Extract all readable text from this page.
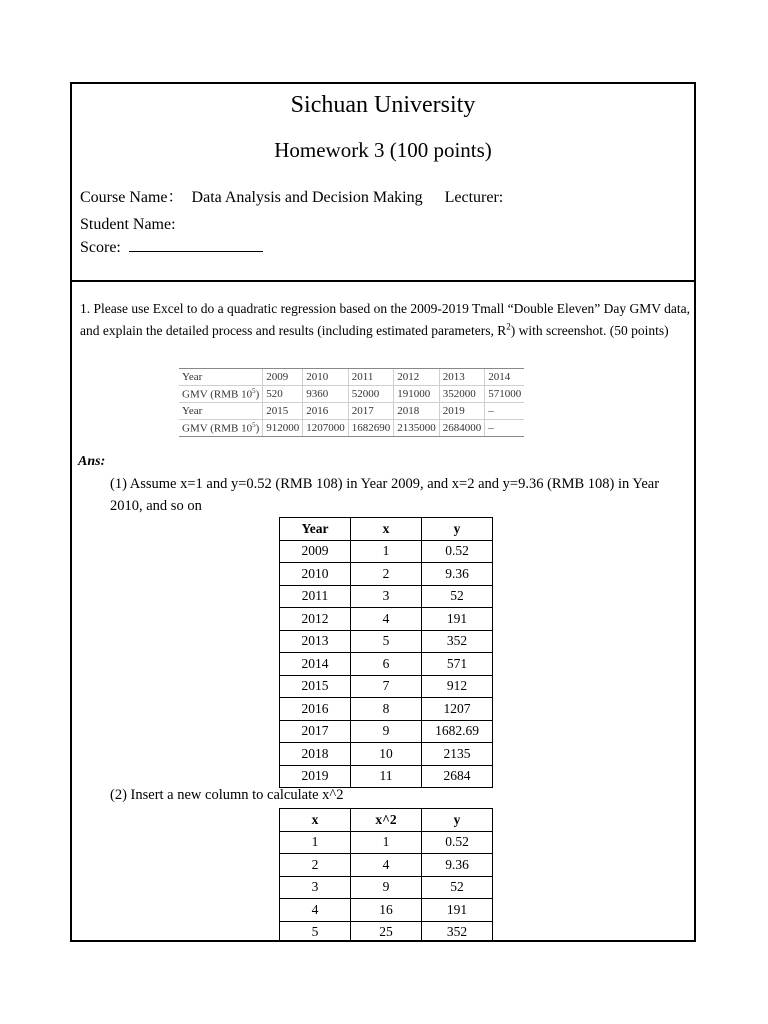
Sichuan University
Homework 3 (100 points)
Course Name： Data Analysis and Decision Making Lecturer:
Student Name:
Score:
1. Please use Excel to do a quadratic regression based on the 2009-2019 Tmall “Double Eleven” Day GMV data, and explain the detailed process and results (including estimated parameters, $R^2$) with screenshot. (50 points)
Year	2009	2010	2011	2012	2013	2014
GMV (RMB $10^5$)	520	9360	52000	191000	352000	571000
Year	2015	2016	2017	2018	2019	–
GMV (RMB $10^5$)	912000	1207000	1682690	2135000	2684000	–
Ans:
(1) Assume x=1 and y=0.52 (RMB 108) in Year 2009, and x=2 and y=9.36 (RMB 108) in Year 2010, and so on
Year	x	y
2009	1	0.52
2010	2	9.36
2011	3	52
2012	4	191
2013	5	352
2014	6	571
2015	7	912
2016	8	1207
2017	9	1682.69
2018	10	2135
2019	11	2684
(2) Insert a new column to calculate x^2
x	x^2	y
1	1	0.52
2	4	9.36
3	9	52
4	16	191
5	25	352
